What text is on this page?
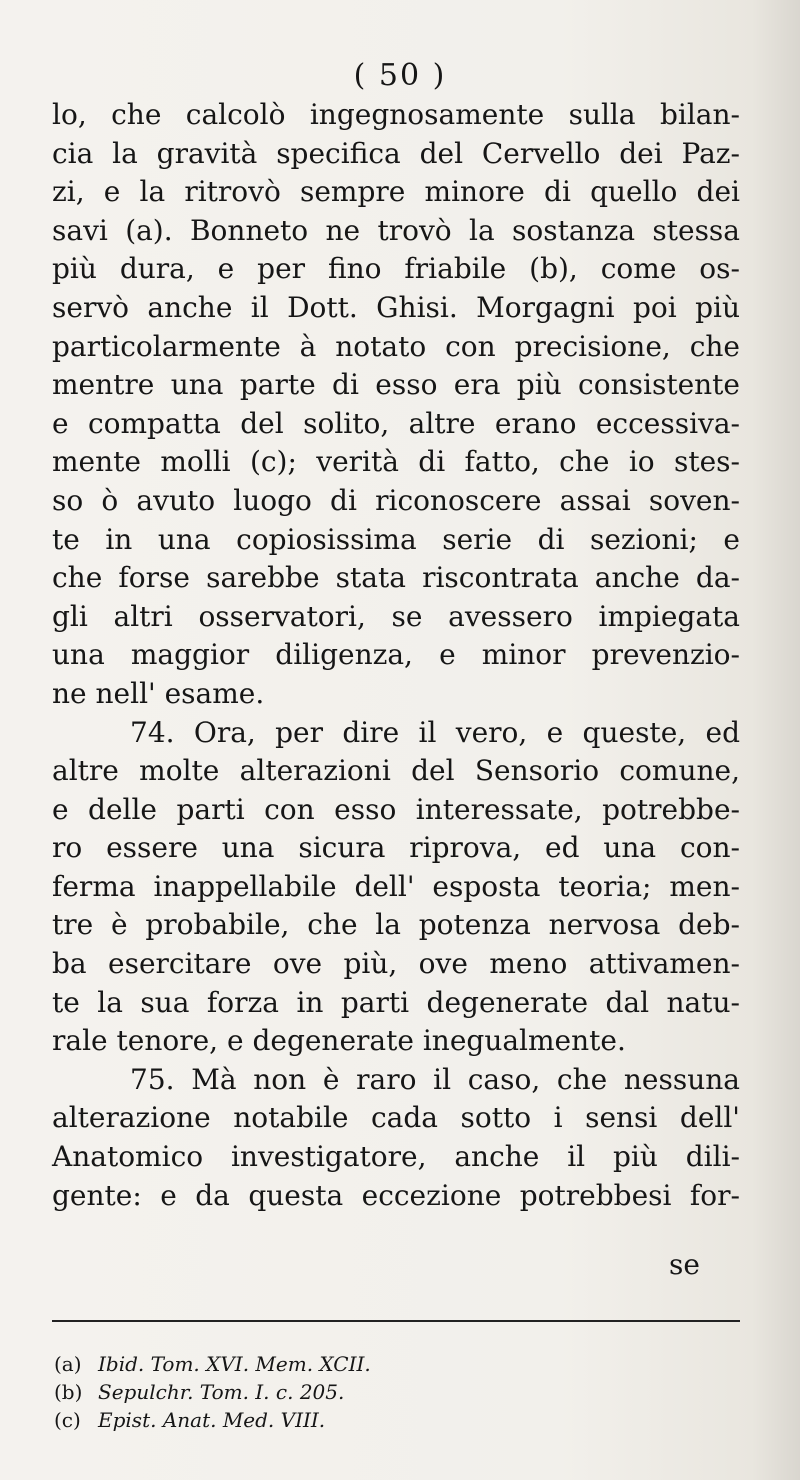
( 50 )
lo, che calcolò ingegnosamente sulla bilan-
cia la gravità specifica del Cervello dei Paz-
zi, e la ritrovò sempre minore di quello dei
savi (a). Bonneto ne trovò la sostanza stessa
più dura, e per fino friabile (b), come os-
servò anche il Dott. Ghisi. Morgagni poi più
particolarmente à notato con precisione, che
mentre una parte di esso era più consistente
e compatta del solito, altre erano eccessiva-
mente molli (c); verità di fatto, che io stes-
so ò avuto luogo di riconoscere assai soven-
te in una copiosissima serie di sezioni; e
che forse sarebbe stata riscontrata anche da-
gli altri osservatori, se avessero impiegata
una maggior diligenza, e minor prevenzio-
ne nell' esame.
74. Ora, per dire il vero, e queste, ed
altre molte alterazioni del Sensorio comune,
e delle parti con esso interessate, potrebbe-
ro essere una sicura riprova, ed una con-
ferma inappellabile dell' esposta teoria; men-
tre è probabile, che la potenza nervosa deb-
ba esercitare ove più, ove meno attivamen-
te la sua forza in parti degenerate dal natu-
rale tenore, e degenerate inegualmente.
75. Mà non è raro il caso, che nessuna
alterazione notabile cada sotto i sensi dell'
Anatomico investigatore, anche il più dili-
gente: e da questa eccezione potrebbesi for-
se
(a) Ibid. Tom. XVI. Mem. XCII.
(b) Sepulchr. Tom. I. c. 205.
(c) Epist. Anat. Med. VIII.
